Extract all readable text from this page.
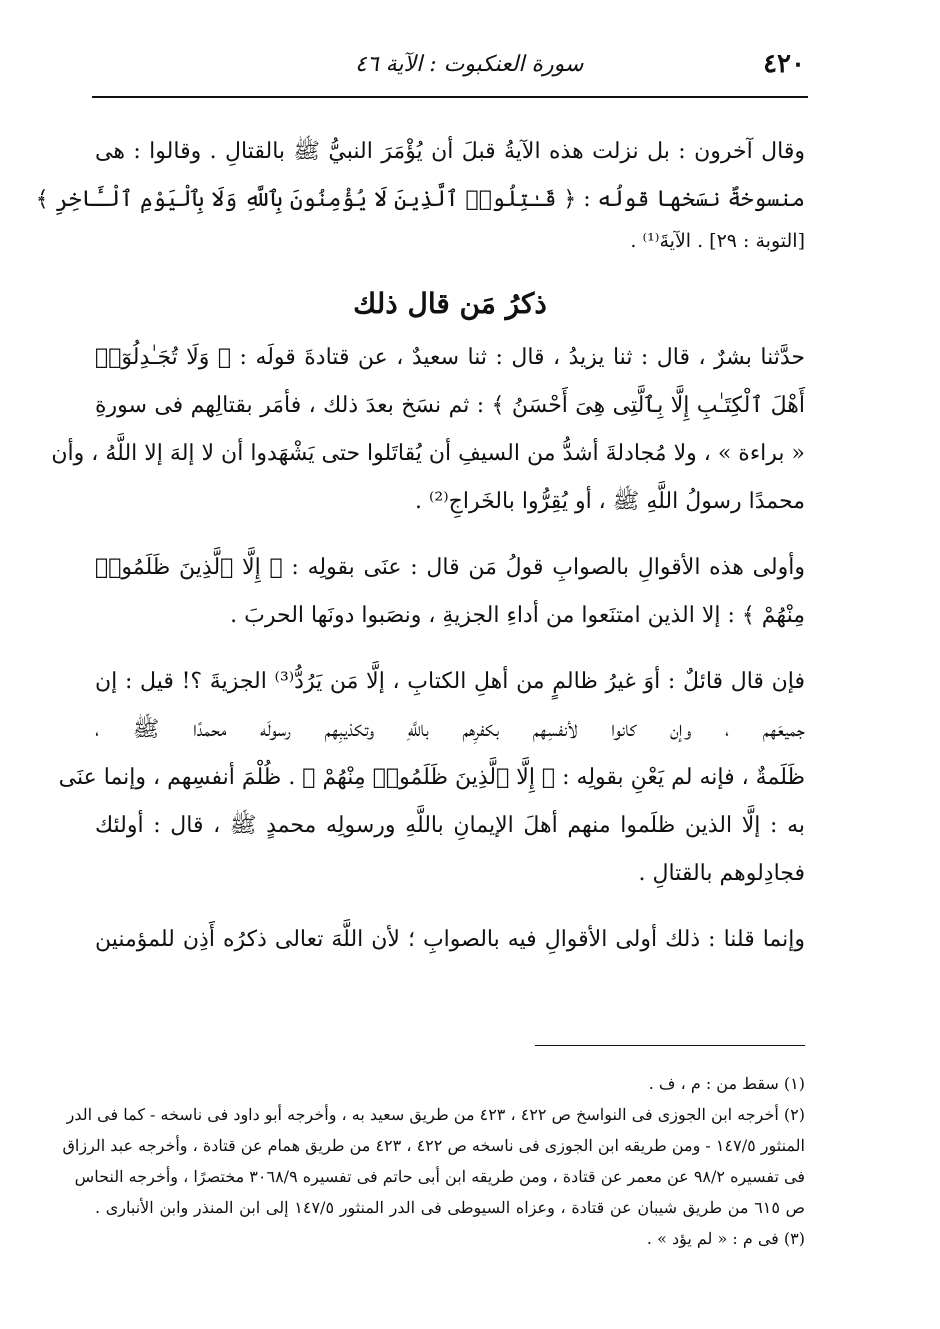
٤٢٠
سورة العنكبوت : الآية ٤٦
وقال آخرون : بل نزلت هذه الآيةُ قبلَ أن يُؤْمَرَ النبيُّ ﷺ بالقتالِ . وقالوا : هى
منسوخةٌ نسَخها قولُه : ﴿ قَـٰتِلُوا۟ ٱلَّذِينَ لَا يُؤْمِنُونَ بِٱللَّهِ وَلَا بِٱلْيَوْمِ ٱلْـَٔاخِرِ ﴾
[التوبة : ٢٩] . الآيةَ⁽¹⁾ .
ذكرُ مَن قال ذلك
حدَّثنا بشرٌ ، قال : ثنا يزيدُ ، قال : ثنا سعيدٌ ، عن قتادةَ قولَه : ﴿ وَلَا تُجَـٰدِلُوٓا۟
أَهْلَ ٱلْكِتَـٰبِ إِلَّا بِٱلَّتِى هِىَ أَحْسَنُ ﴾ : ثم نسَخ بعدَ ذلك ، فأمَر بقتالِهم فى سورةِ
« براءة » ، ولا مُجادلةَ أشدُّ من السيفِ أن يُقاتَلوا حتى يَشْهَدوا أن لا إلهَ إلا اللَّهُ ، وأن
محمدًا رسولُ اللَّهِ ﷺ ، أو يُقِرُّوا بالخَراجِ⁽²⁾ .
وأولى هذه الأقوالِ بالصوابِ قولُ مَن قال : عنَى بقولِه : ﴿ إِلَّا ٱلَّذِينَ ظَلَمُوا۟
مِنْهُمْ ﴾ : إلا الذين امتنَعوا من أداءِ الجزيةِ ، ونصَبوا دونَها الحربَ .
فإن قال قائلٌ : أوَ غيرُ ظالمٍ من أهلِ الكتابِ ، إلَّا مَن يَرُدُّ⁽³⁾ الجزيةَ ؟! قيل : إن
جميعَهم ، وإن كانوا لأنفسِهم بكفرِهم باللَّهِ وتكذيبِهم رسولَه محمدًا ﷺ ،
ظَلَمةٌ ، فإنه لم يَعْنِ بقولِه : ﴿ إِلَّا ٱلَّذِينَ ظَلَمُوا۟ مِنْهُمْ ﴾ . ظُلْمَ أنفسِهم ، وإنما عنَى
به : إلَّا الذين ظلَموا منهم أهلَ الإيمانِ باللَّهِ ورسولِه محمدٍ ﷺ ، قال : أولئك
فجادِلوهم بالقتالِ .
وإنما قلنا : ذلك أولى الأقوالِ فيه بالصوابِ ؛ لأن اللَّهَ تعالى ذكرُه أَذِن للمؤمنين
(١) سقط من : م ، ف .
(٢) أخرجه ابن الجوزى فى النواسخ ص ٤٢٢ ، ٤٢٣ من طريق سعيد به ، وأخرجه أبو داود فى ناسخه - كما فى الدر
المنثور ١٤٧/٥ - ومن طريقه ابن الجوزى فى ناسخه ص ٤٢٢ ، ٤٢٣ من طريق همام عن قتادة ، وأخرجه عبد الرزاق
فى تفسيره ٩٨/٢ عن معمر عن قتادة ، ومن طريقه ابن أبى حاتم فى تفسيره ٣٠٦٨/٩ مختصرًا ، وأخرجه النحاس
ص ٦١٥ من طريق شيبان عن قتادة ، وعزاه السيوطى فى الدر المنثور ١٤٧/٥ إلى ابن المنذر وابن الأنبارى .
(٣) فى م : « لم يؤد » .
